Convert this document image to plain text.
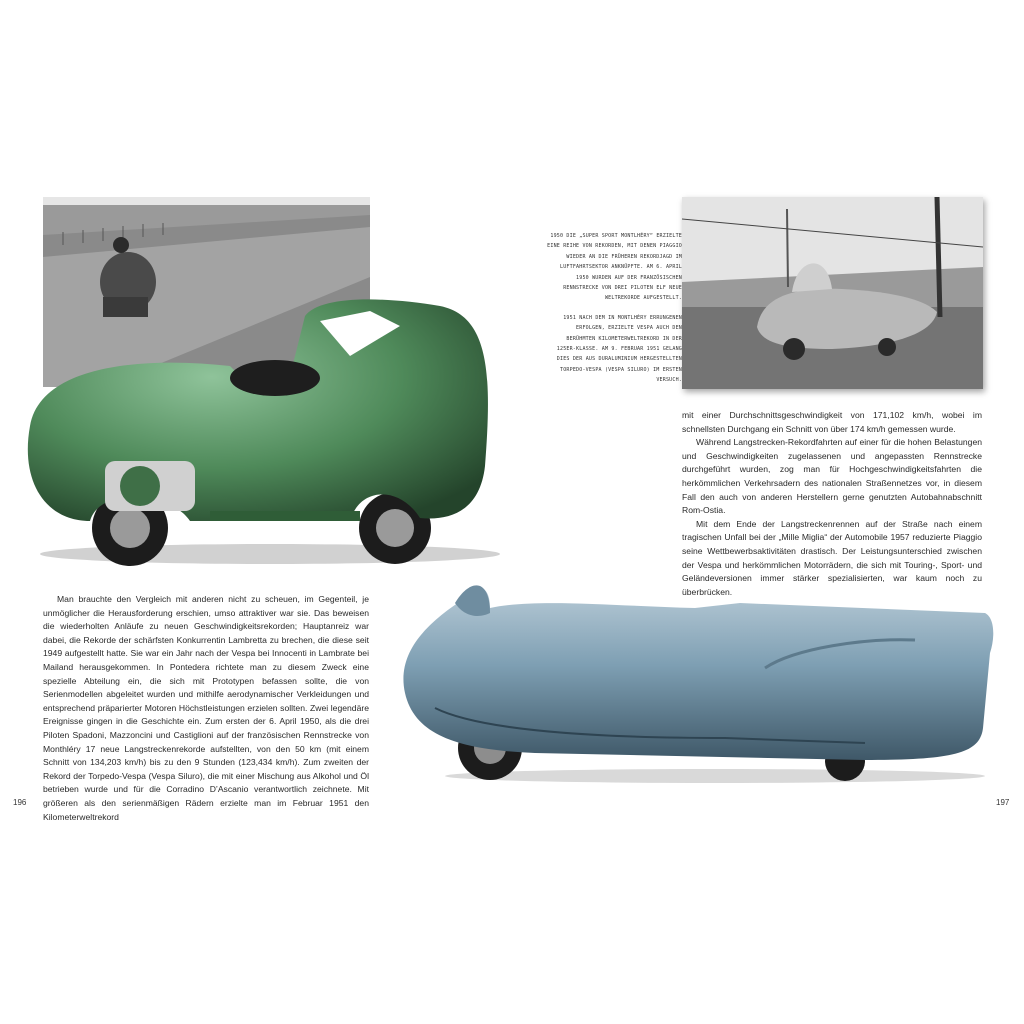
1950 DIE „SUPER SPORT MONTLHÉRY“ ERZIELTE EINE REIHE VON REKORDEN, MIT DENEN PIAGGIO WIEDER AN DIE FRÜHEREN REKORDJAGD IM LUFTFAHRTSEKTOR ANKNÜPFTE. AM 6. APRIL 1950 WURDEN AUF DER FRANZÖSISCHEN RENNSTRECKE VON DREI PILOTEN ELF NEUE WELTREKORDE AUFGESTELLT.
1951 NACH DEM IN MONTLHÉRY ERRUNGENEN ERFOLGEN, ERZIELTE VESPA AUCH DEN BERÜHMTEN KILOMETERWELTREKORD IN DER 125ER-KLASSE. AM 9. FEBRUAR 1951 GELANG DIES DER AUS DURALUMINIUM HERGESTELLTEN TORPEDO-VESPA (VESPA SILURO) IM ERSTEN VERSUCH.

mit einer Durchschnittsgeschwindigkeit von 171,102 km/h, wobei im schnellsten Durchgang ein Schnitt von über 174 km/h gemessen wurde.

Während Langstrecken-Rekordfahrten auf einer für die hohen Belastungen und Geschwindigkeiten zugelassenen und angepassten Rennstrecke durchgeführt wurden, zog man für Hochgeschwindigkeitsfahrten die herkömmlichen Verkehrsadern des nationalen Straßennetzes vor, in diesem Fall den auch von anderen Herstellern gerne genutzten Autobahnabschnitt Rom-Ostia.

Mit dem Ende der Langstreckenrennen auf der Straße nach einem tragischen Unfall bei der „Mille Miglia“ der Automobile 1957 reduzierte Piaggio seine Wettbewerbsaktivitäten drastisch. Der Leistungsunterschied zwischen der Vespa und herkömmlichen Motorrädern, die sich mit Touring-, Sport- und Geländeversionen immer stärker spezialisierten, war kaum noch zu überbrücken.

Man brauchte den Vergleich mit anderen nicht zu scheuen, im Gegenteil, je unmöglicher die Herausforderung erschien, umso attraktiver war sie. Das beweisen die wiederholten Anläufe zu neuen Geschwindigkeitsrekorden; Hauptanreiz war dabei, die Rekorde der schärfsten Konkurrentin Lambretta zu brechen, die diese seit 1949 aufgestellt hatte. Sie war ein Jahr nach der Vespa bei Innocenti in Lambrate bei Mailand herausgekommen. In Pontedera richtete man zu diesem Zweck eine spezielle Abteilung ein, die sich mit Prototypen befassen sollte, die von Serienmodellen abgeleitet wurden und mithilfe aerodynamischer Verkleidungen und entsprechend präparierter Motoren Höchstleistungen erzielen sollten. Zwei legendäre Ereignisse gingen in die Geschichte ein. Zum ersten der 6. April 1950, als die drei Piloten Spadoni, Mazzoncini und Castiglioni auf der französischen Rennstrecke von Monthléry 17 neue Langstreckenrekorde aufstellten, von den 50 km (mit einem Schnitt von 134,203 km/h) bis zu den 9 Stunden (123,434 km/h). Zum zweiten der Rekord der Torpedo-Vespa (Vespa Siluro), die mit einer Mischung aus Alkohol und Öl betrieben wurde und für die Corradino D’Ascanio verantwortlich zeichnete. Mit größeren als den serienmäßigen Rädern erzielte man im Februar 1951 den Kilometerweltrekord

196	197
